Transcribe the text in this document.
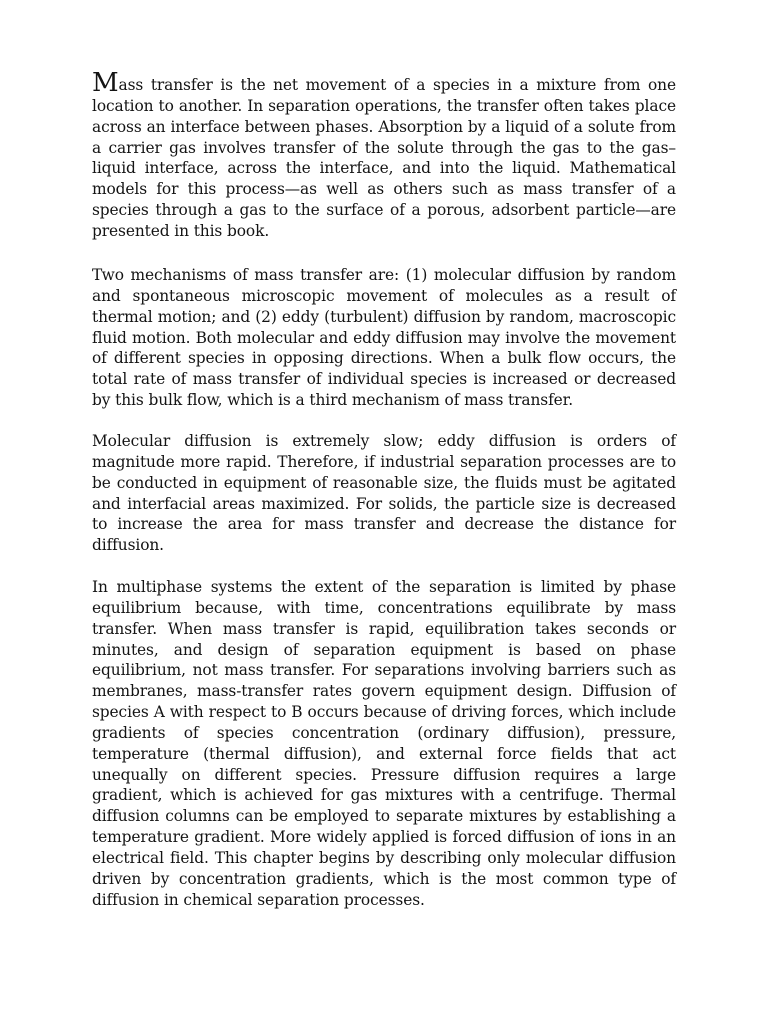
Mass transfer is the net movement of a species in a mixture from one location to another. In separation operations, the transfer often takes place across an interface between phases. Absorption by a liquid of a solute from a carrier gas involves transfer of the solute through the gas to the gas–liquid interface, across the interface, and into the liquid. Mathematical models for this process—as well as others such as mass transfer of a species through a gas to the surface of a porous, adsorbent particle—are presented in this book.

Two mechanisms of mass transfer are: (1) molecular diffusion by random and spontaneous microscopic movement of molecules as a result of thermal motion; and (2) eddy (turbulent) diffusion by random, macroscopic fluid motion. Both molecular and eddy diffusion may involve the movement of different species in opposing directions. When a bulk flow occurs, the total rate of mass transfer of individual species is increased or decreased by this bulk flow, which is a third mechanism of mass transfer.

Molecular diffusion is extremely slow; eddy diffusion is orders of magnitude more rapid. Therefore, if industrial separation processes are to be conducted in equipment of reasonable size, the fluids must be agitated and interfacial areas maximized. For solids, the particle size is decreased to increase the area for mass transfer and decrease the distance for diffusion.

In multiphase systems the extent of the separation is limited by phase equilibrium because, with time, concentrations equilibrate by mass transfer. When mass transfer is rapid, equilibration takes seconds or minutes, and design of separation equipment is based on phase equilibrium, not mass transfer. For separations involving barriers such as membranes, mass-transfer rates govern equipment design. Diffusion of species A with respect to B occurs because of driving forces, which include gradients of species concentration (ordinary diffusion), pressure, temperature (thermal diffusion), and external force fields that act unequally on different species. Pressure diffusion requires a large gradient, which is achieved for gas mixtures with a centrifuge. Thermal diffusion columns can be employed to separate mixtures by establishing a temperature gradient. More widely applied is forced diffusion of ions in an electrical field. This chapter begins by describing only molecular diffusion driven by concentration gradients, which is the most common type of diffusion in chemical separation processes.
